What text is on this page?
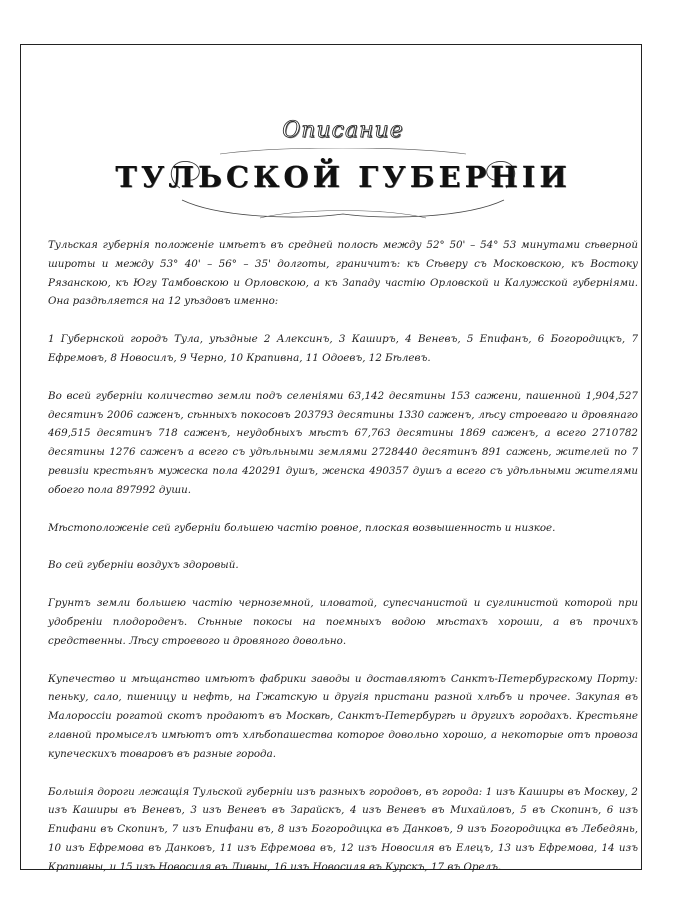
Описание
ТУЛЬСКОЙ ГУБЕРНІИ

Тульская губернія положеніе имѣетъ въ средней полосѣ между 52° 50' – 54° 53 минутами сѣверной широты и между 53° 40' – 56° – 35' долготы, граничитъ: къ Сѣверу съ Московскою, къ Востоку Рязанскою, къ Югу Тамбовскою и Орловскою, а къ Западу частію Орловской и Калужской губерніями. Она раздѣляется на 12 уѣздовъ именно:

1 Губернской городъ Тула, уѣздные 2 Алексинъ, 3 Каширъ, 4 Веневъ, 5 Епифанъ, 6 Богородицкъ, 7 Ефремовъ, 8 Новосилъ, 9 Черно, 10 Крапивна, 11 Одоевъ, 12 Бѣлевъ.

Во всей губерніи количество земли подъ селеніями 63,142 десятины 153 сажени, пашенной 1,904,527 десятинъ 2006 саженъ, сѣнныхъ покосовъ 203793 десятины 1330 саженъ, лѣсу строеваго и дровянаго 469,515 десятинъ 718 саженъ, неудобныхъ мѣстъ 67,763 десятины 1869 саженъ, а всего 2710782 десятины 1276 саженъ а всего съ удѣльными землями 2728440 десятинъ 891 сажень, жителей по 7 ревизіи крестьянъ мужеска пола 420291 душъ, женска 490357 душъ а всего съ удѣльными жителями обоего пола 897992 души.

Мѣстоположеніе сей губерніи большею частію ровное, плоская возвышенность и низкое.

Во сей губерніи воздухъ здоровый.

Грунтъ земли большею частію черноземной, иловатой, супесчанистой и суглинистой которой при удобреніи плодороденъ. Сѣнные покосы на поемныхъ водою мѣстахъ хороши, а въ прочихъ средственны. Лѣсу строевого и дровяного довольно.

Купечество и мѣщанство имѣютъ фабрики заводы и доставляютъ Санктъ-Петербургскому Порту: пеньку, сало, пшеницу и нефть, на Гжатскую и другія пристани разной хлѣбъ и прочее. Закупая въ Малороссіи рогатой скотъ продаютъ въ Москвѣ, Санктъ-Петербургѣ и другихъ городахъ. Крестьяне главной промыселъ имѣютъ отъ хлѣбопашества которое довольно хорошо, а некоторые отъ провоза купеческихъ товаровъ въ разные города.

Большія дороги лежащія Тульской губерніи изъ разныхъ городовъ, въ города: 1 изъ Каширы въ Москву, 2 изъ Каширы въ Веневъ, 3 изъ Веневъ въ Зарайскъ, 4 изъ Веневъ въ Михайловъ, 5 въ Скопинъ, 6 изъ Епифани въ Скопинъ, 7 изъ Епифани въ, 8 изъ Богородицка въ Данковъ, 9 изъ Богородицка въ Лебедянь, 10 изъ Ефремова въ Данковъ, 11 изъ Ефремова въ, 12 изъ Новосиля въ Елецъ, 13 изъ Ефремова, 14 изъ Крапивны, и 15 изъ Новосиля въ Ливны, 16 изъ Новосиля въ Курскъ, 17 въ Орелъ.
